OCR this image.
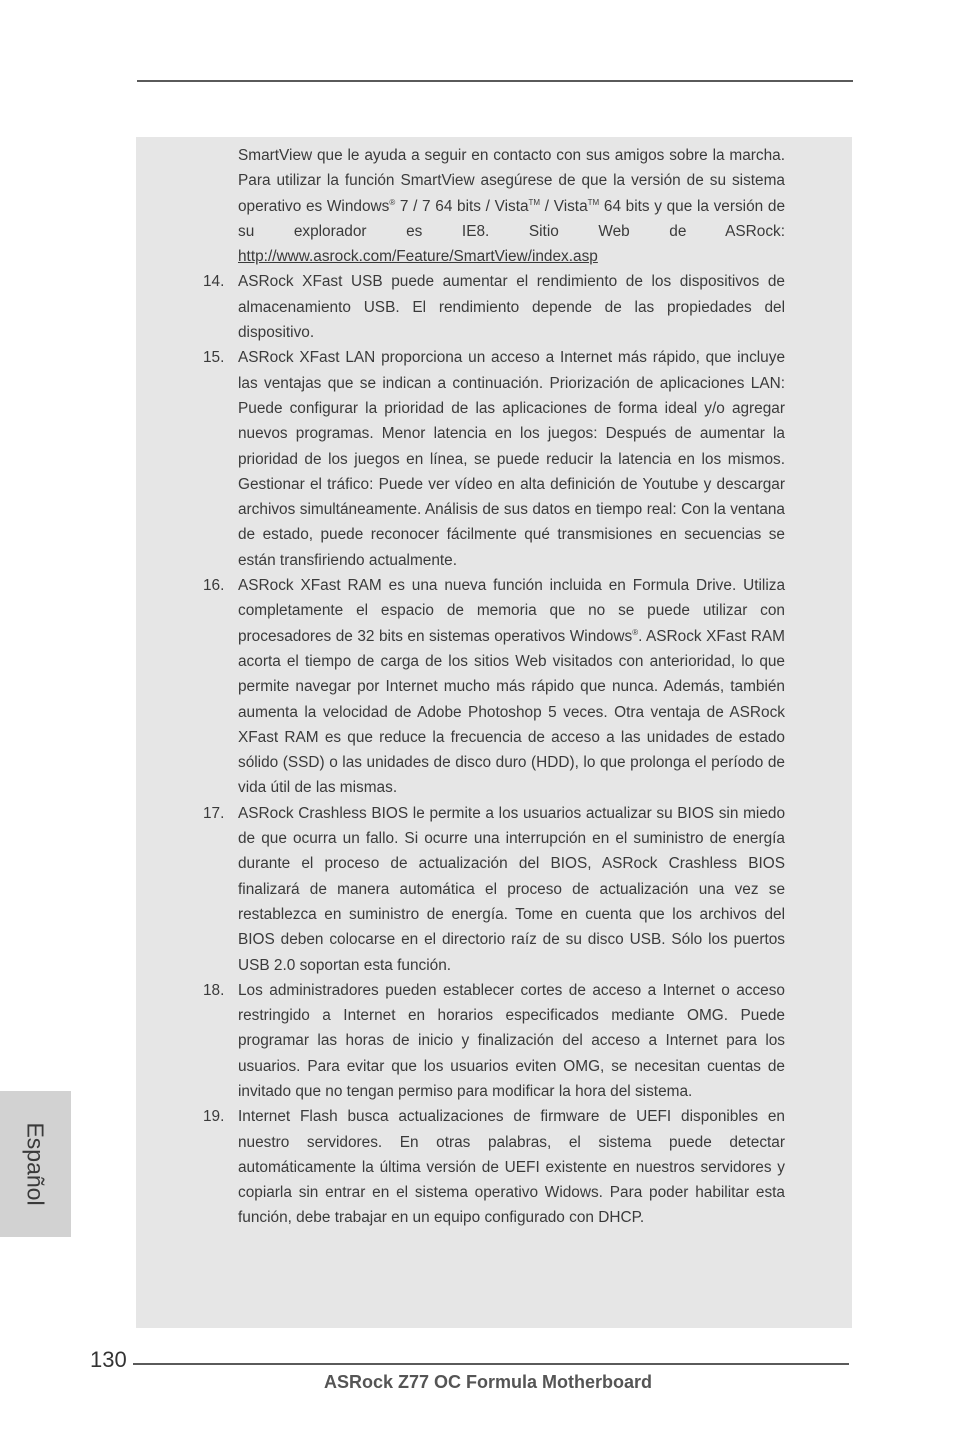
SmartView que le ayuda a seguir en contacto con sus amigos sobre la marcha. Para utilizar la función SmartView asegúrese de que la versión de su sistema operativo es Windows® 7 / 7 64 bits / Vista™ / Vista™ 64 bits y que la versión de su explorador es IE8. Sitio Web de ASRock: http://www.asrock.com/Feature/SmartView/index.asp
14. ASRock XFast USB puede aumentar el rendimiento de los dispositivos de almacenamiento USB. El rendimiento depende de las propiedades del dispositivo.
15. ASRock XFast LAN proporciona un acceso a Internet más rápido, que incluye las ventajas que se indican a continuación. Priorización de aplicaciones LAN: Puede configurar la prioridad de las aplicaciones de forma ideal y/o agregar nuevos programas. Menor latencia en los juegos: Después de aumentar la prioridad de los juegos en línea, se puede reducir la latencia en los mismos. Gestionar el tráfico: Puede ver vídeo en alta definición de Youtube y descargar archivos simultáneamente. Análisis de sus datos en tiempo real: Con la ventana de estado, puede reconocer fácilmente qué transmisiones en secuencias se están transfiriendo actualmente.
16. ASRock XFast RAM es una nueva función incluida en Formula Drive. Utiliza completamente el espacio de memoria que no se puede utilizar con procesadores de 32 bits en sistemas operativos Windows®. ASRock XFast RAM acorta el tiempo de carga de los sitios Web visitados con anterioridad, lo que permite navegar por Internet mucho más rápido que nunca. Además, también aumenta la velocidad de Adobe Photoshop 5 veces. Otra ventaja de ASRock XFast RAM es que reduce la frecuencia de acceso a las unidades de estado sólido (SSD) o las unidades de disco duro (HDD), lo que prolonga el período de vida útil de las mismas.
17. ASRock Crashless BIOS le permite a los usuarios actualizar su BIOS sin miedo de que ocurra un fallo. Si ocurre una interrupción en el suministro de energía durante el proceso de actualización del BIOS, ASRock Crashless BIOS finalizará de manera automática el proceso de actualización una vez se restablezca en suministro de energía. Tome en cuenta que los archivos del BIOS deben colocarse en el directorio raíz de su disco USB. Sólo los puertos USB 2.0 soportan esta función.
18. Los administradores pueden establecer cortes de acceso a Internet o acceso restringido a Internet en horarios especificados mediante OMG. Puede programar las horas de inicio y finalización del acceso a Internet para los usuarios. Para evitar que los usuarios eviten OMG, se necesitan cuentas de invitado que no tengan permiso para modificar la hora del sistema.
19. Internet Flash busca actualizaciones de firmware de UEFI disponibles en nuestro servidores. En otras palabras, el sistema puede detectar automáticamente la última versión de UEFI existente en nuestros servidores y copiarla sin entrar en el sistema operativo Widows. Para poder habilitar esta función, debe trabajar en un equipo configurado con DHCP.
Español
130
ASRock Z77 OC Formula Motherboard
